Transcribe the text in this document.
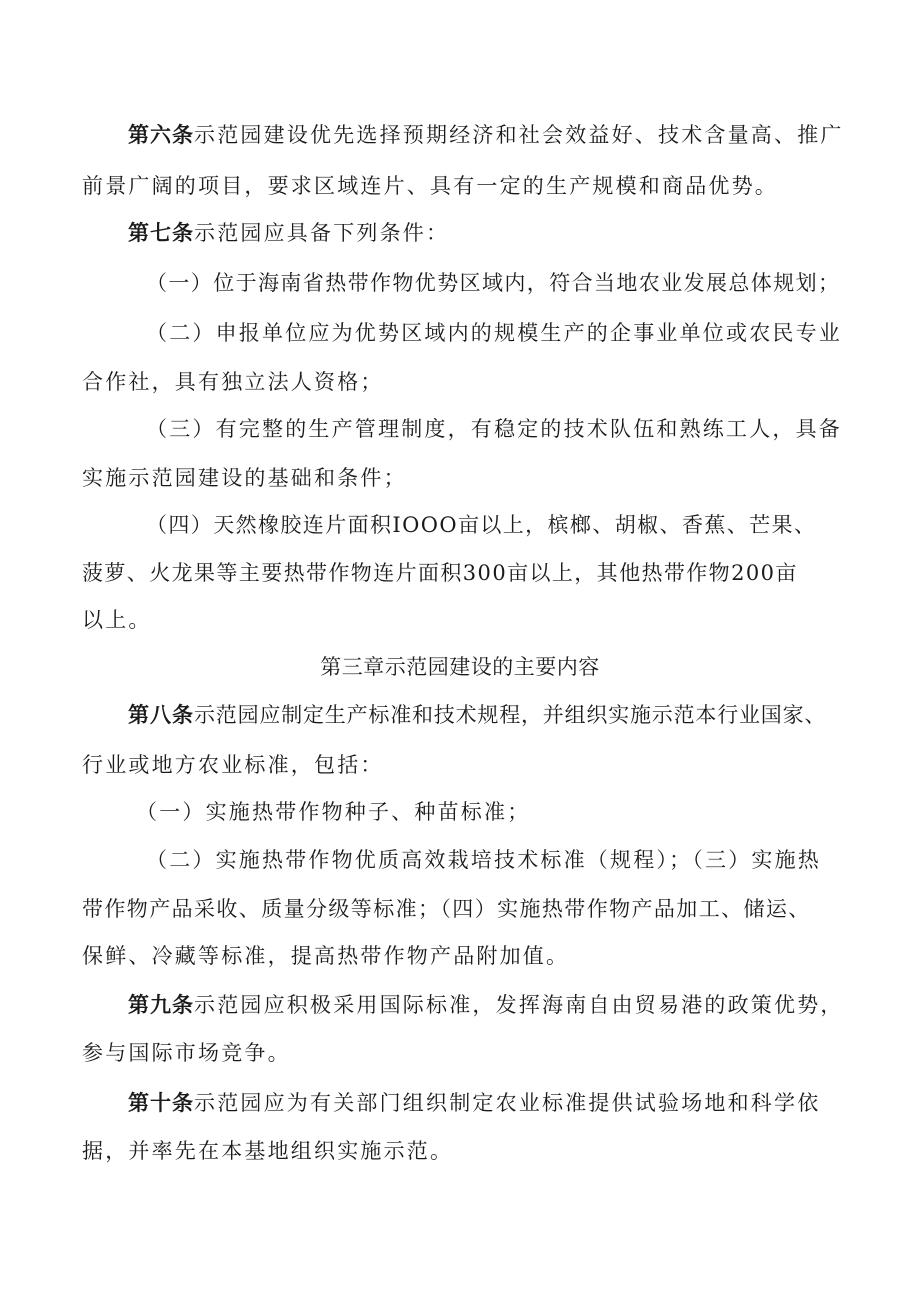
第六条示范园建设优先选择预期经济和社会效益好、技术含量高、推广
前景广阔的项目，要求区域连片、具有一定的生产规模和商品优势。
第七条示范园应具备下列条件：
（一）位于海南省热带作物优势区域内，符合当地农业发展总体规划；
（二）申报单位应为优势区域内的规模生产的企事业单位或农民专业
合作社，具有独立法人资格；
（三）有完整的生产管理制度，有稳定的技术队伍和熟练工人，具备
实施示范园建设的基础和条件；
（四）天然橡胶连片面积IOOO亩以上，槟榔、胡椒、香蕉、芒果、
菠萝、火龙果等主要热带作物连片面积300亩以上，其他热带作物200亩
以上。
第三章示范园建设的主要内容
第八条示范园应制定生产标准和技术规程，并组织实施示范本行业国家、
行业或地方农业标准，包括：
（一）实施热带作物种子、种苗标准；
（二）实施热带作物优质高效栽培技术标准（规程）；（三）实施热
带作物产品采收、质量分级等标准；（四）实施热带作物产品加工、储运、
保鲜、冷藏等标准，提高热带作物产品附加值。
第九条示范园应积极采用国际标准，发挥海南自由贸易港的政策优势，
参与国际市场竞争。
第十条示范园应为有关部门组织制定农业标准提供试验场地和科学依
据，并率先在本基地组织实施示范。
